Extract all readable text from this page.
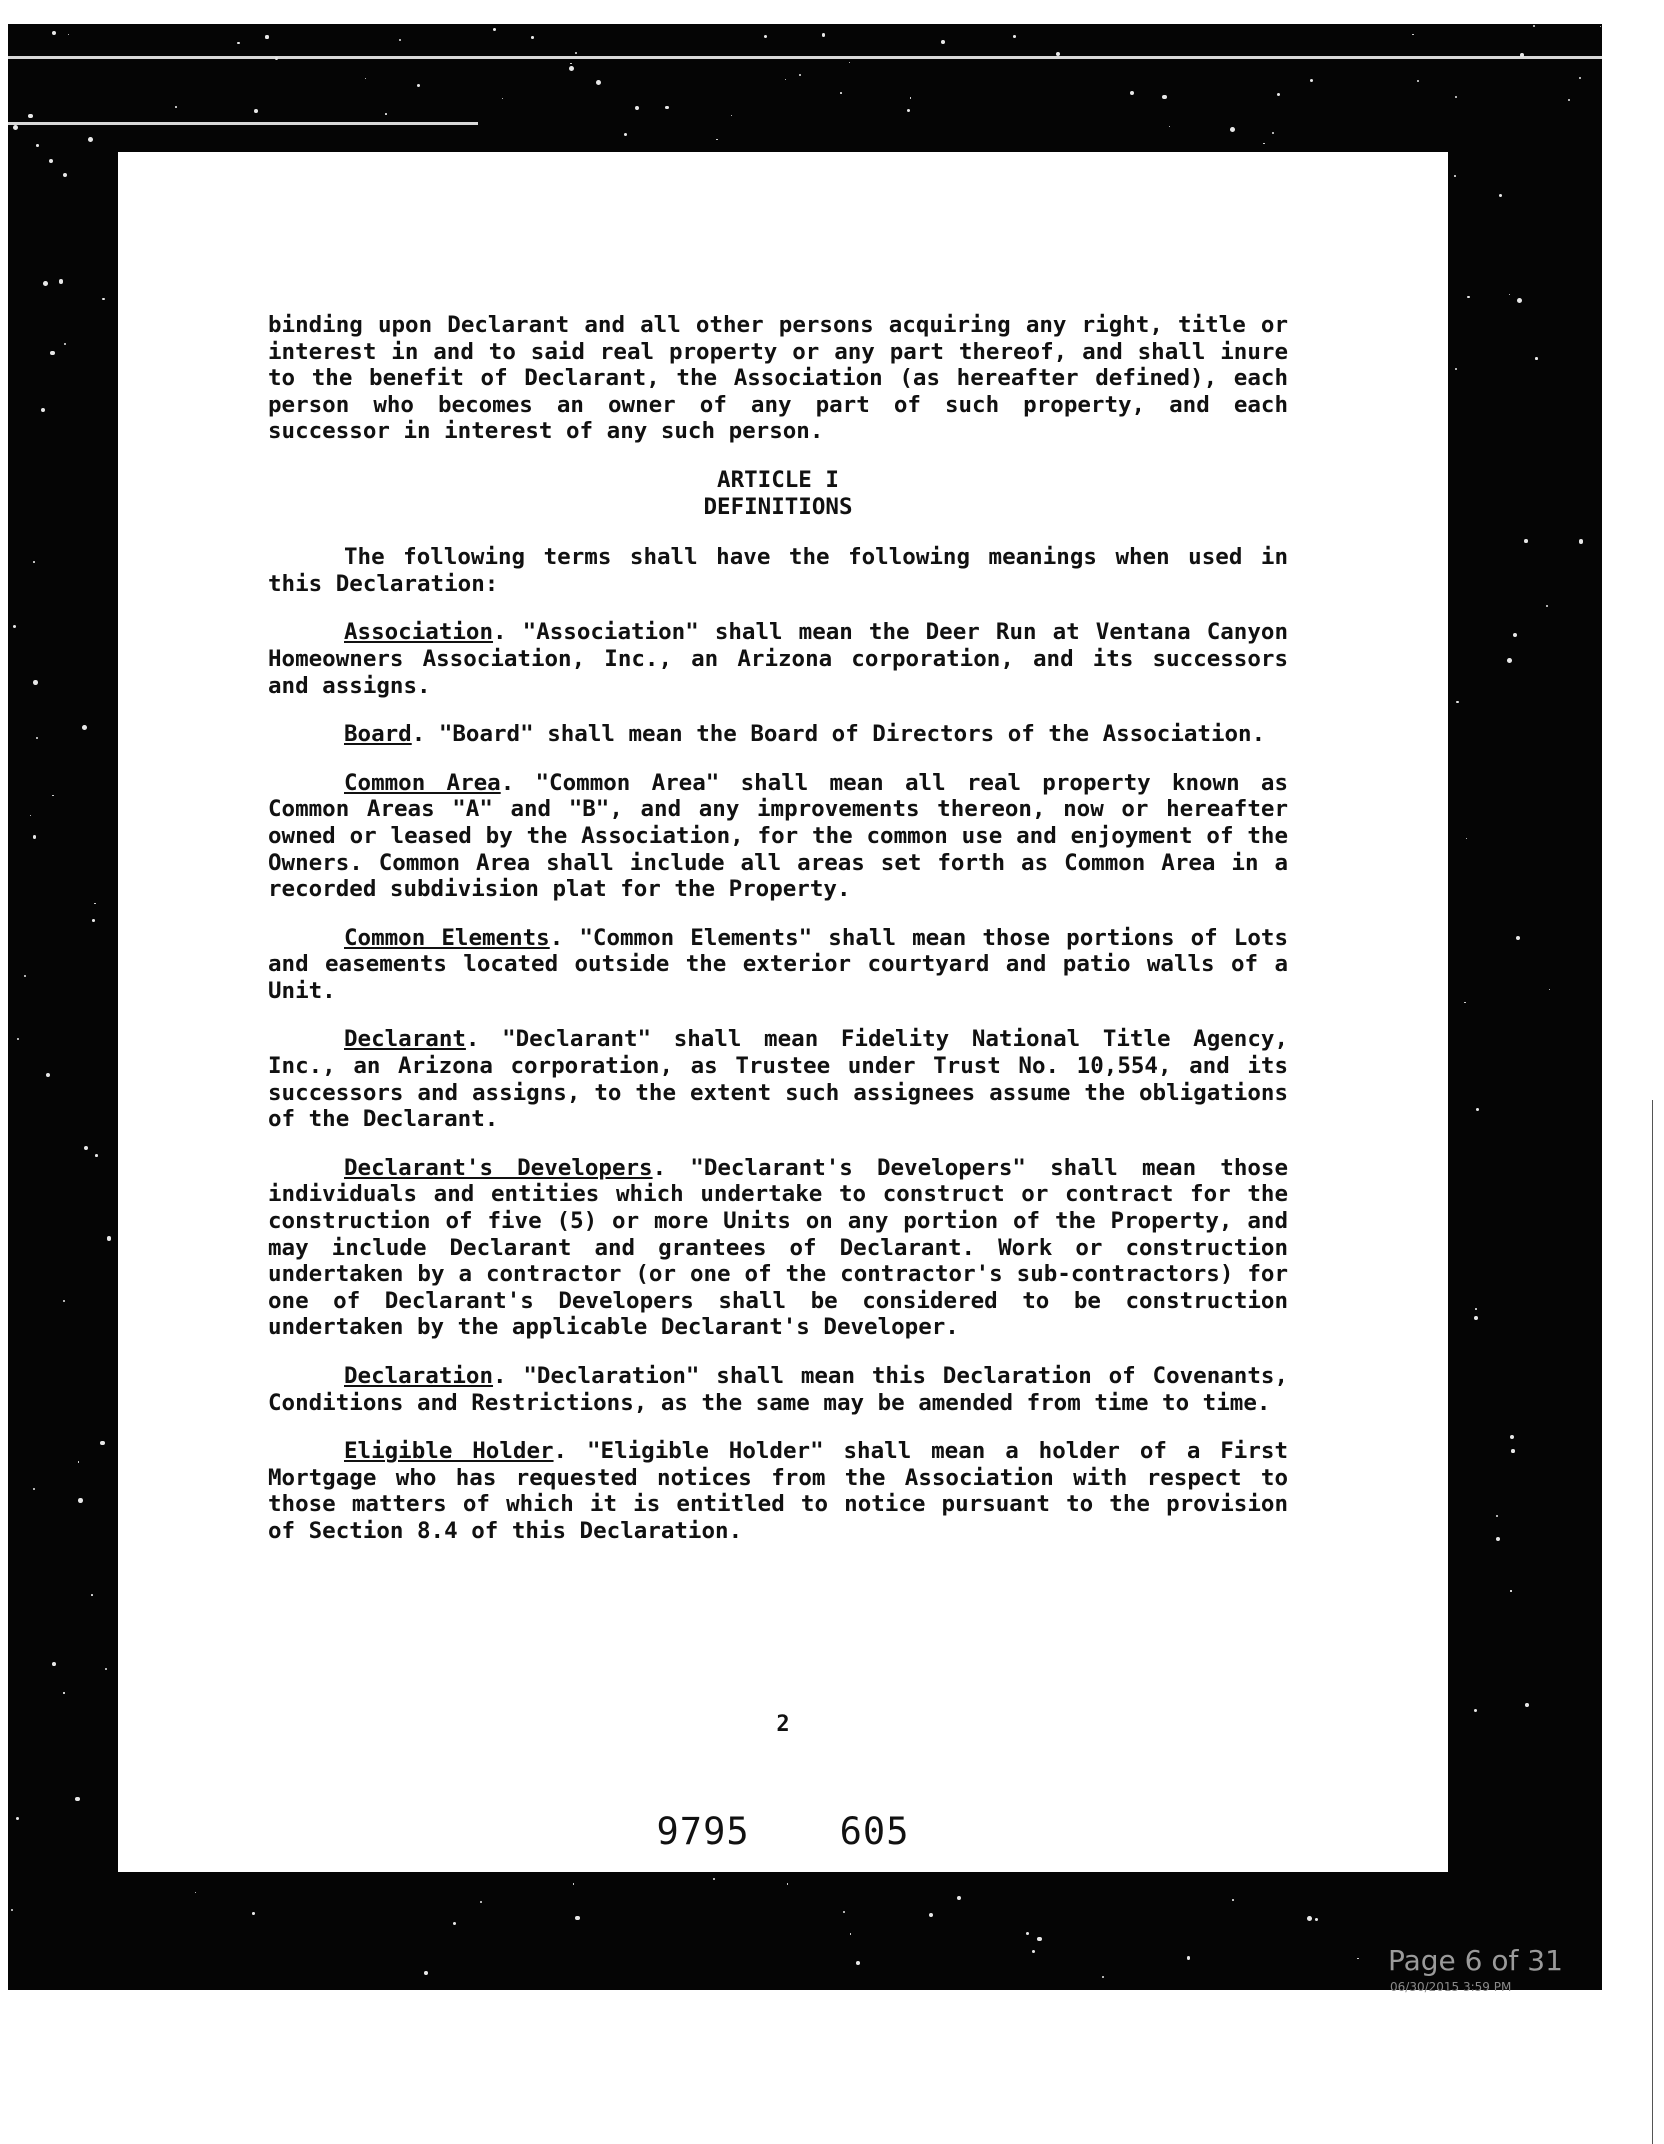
binding upon Declarant and all other persons acquiring any right, title or interest in and to said real property or any part thereof, and shall inure to the benefit of Declarant, the Association (as hereafter defined), each person who becomes an owner of any part of such property, and each successor in interest of any such person.

ARTICLE I
DEFINITIONS

The following terms shall have the following meanings when used in this Declaration:

Association. "Association" shall mean the Deer Run at Ventana Canyon Homeowners Association, Inc., an Arizona corporation, and its successors and assigns.

Board. "Board" shall mean the Board of Directors of the Association.

Common Area. "Common Area" shall mean all real property known as Common Areas "A" and "B", and any improvements thereon, now or hereafter owned or leased by the Association, for the common use and enjoyment of the Owners. Common Area shall include all areas set forth as Common Area in a recorded subdivision plat for the Property.

Common Elements. "Common Elements" shall mean those portions of Lots and easements located outside the exterior courtyard and patio walls of a Unit.

Declarant. "Declarant" shall mean Fidelity National Title Agency, Inc., an Arizona corporation, as Trustee under Trust No. 10,554, and its successors and assigns, to the extent such assignees assume the obligations of the Declarant.

Declarant's Developers. "Declarant's Developers" shall mean those individuals and entities which undertake to construct or contract for the construction of five (5) or more Units on any portion of the Property, and may include Declarant and grantees of Declarant. Work or construction undertaken by a contractor (or one of the contractor's sub-contractors) for one of Declarant's Developers shall be considered to be construction undertaken by the applicable Declarant's Developer.

Declaration. "Declaration" shall mean this Declaration of Covenants, Conditions and Restrictions, as the same may be amended from time to time.

Eligible Holder. "Eligible Holder" shall mean a holder of a First Mortgage who has requested notices from the Association with respect to those matters of which it is entitled to notice pursuant to the provision of Section 8.4 of this Declaration.

2
9795 605
Page 6 of 31
06/30/2015 3:59 PM
